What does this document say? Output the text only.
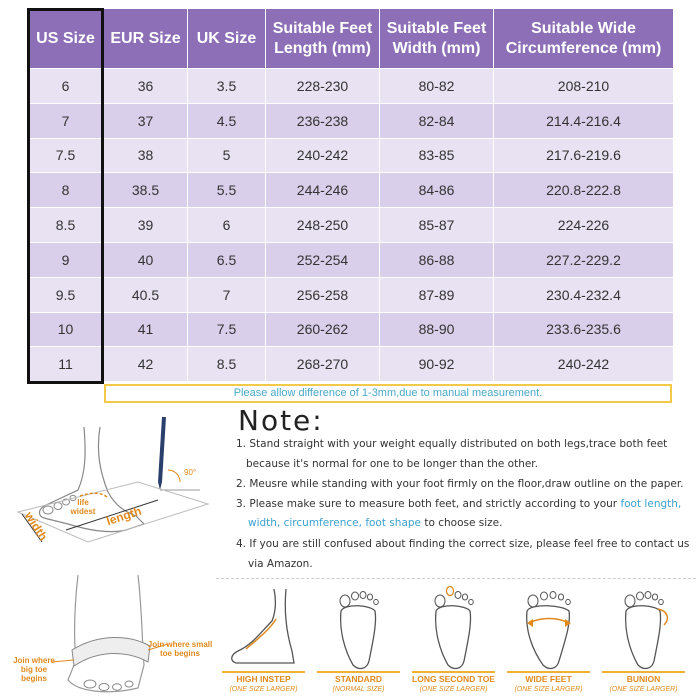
US Size	EUR Size	UK Size	Suitable Feet Length (mm)	Suitable Feet Width (mm)	Suitable Wide Circumference (mm)
6	36	3.5	228-230	80-82	208-210
7	37	4.5	236-238	82-84	214.4-216.4
7.5	38	5	240-242	83-85	217.6-219.6
8	38.5	5.5	244-246	84-86	220.8-222.8
8.5	39	6	248-250	85-87	224-226
9	40	6.5	252-254	86-88	227.2-229.2
9.5	40.5	7	256-258	87-89	230.4-232.4
10	41	7.5	260-262	88-90	233.6-235.6
11	42	8.5	268-270	90-92	240-242
Please allow difference of 1-3mm,due to manual measurement.
Note:
1. Stand straight with your weight equally distributed on both legs,trace both feet
because it's normal for one to be longer than the other.
2. Meusre while standing with your foot firmly on the floor,draw outline on the paper.
3. Please make sure to measure both feet, and strictly according to your foot length,
width, circumference, foot shape to choose size.
4. If you are still confused about finding the correct size, please feel free to contact us
via Amazon.
90°
life widest
width	length
Join where big toe begins
Join where small toe begins
HIGH INSTEP
(ONE SIZE LARGER)
STANDARD
(NORMAL SIZE)
LONG SECOND TOE
(ONE SIZE LARGER)
WIDE FEET
(ONE SIZE LARGER)
BUNION
(ONE SIZE LARGER)
